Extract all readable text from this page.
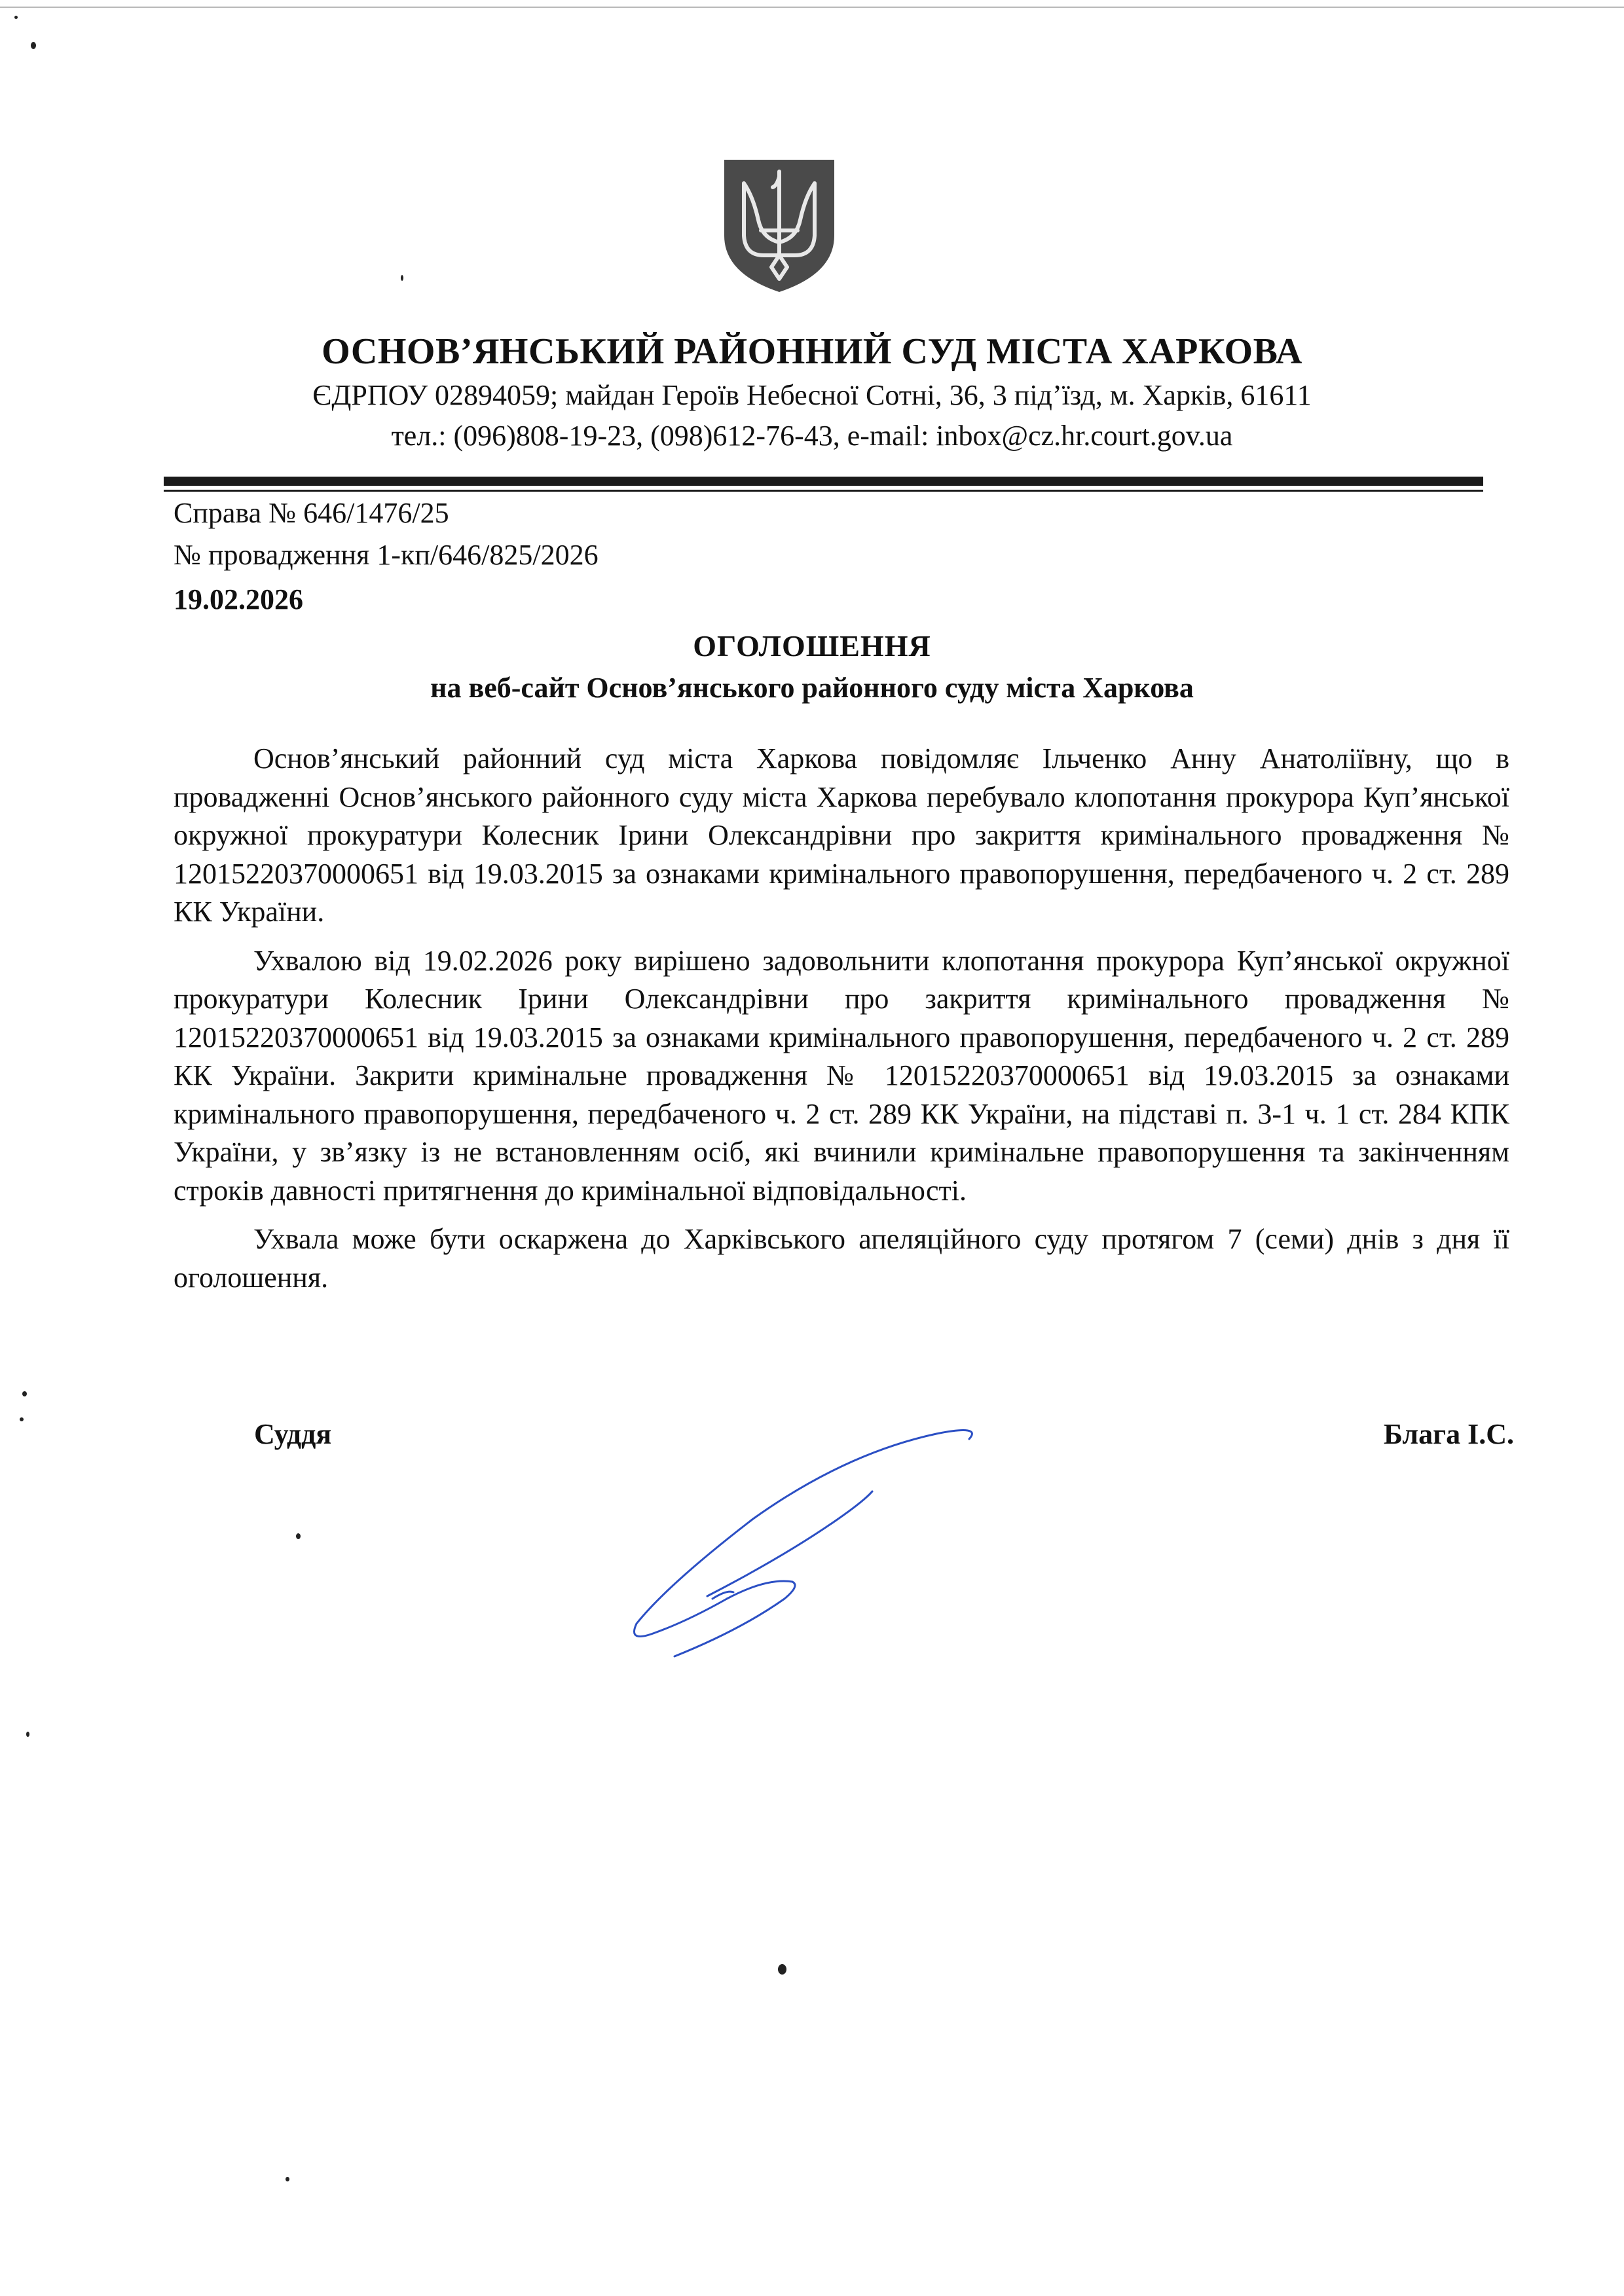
ОСНОВ’ЯНСЬКИЙ РАЙОННИЙ СУД МІСТА ХАРКОВА
ЄДРПОУ 02894059; майдан Героїв Небесної Сотні, 36, 3 під’їзд, м. Харків, 61611
тел.: (096)808-19-23, (098)612-76-43, e-mail: inbox@cz.hr.court.gov.ua
Справа № 646/1476/25
№ провадження 1-кп/646/825/2026
19.02.2026
ОГОЛОШЕННЯ
на веб-сайт Основ’янського районного суду міста Харкова

Основ’янський районний суд міста Харкова повідомляє Ільченко Анну Анатоліївну, що в провадженні Основ’янського районного суду міста Харкова перебувало клопотання прокурора Куп’янської окружної прокуратури Колесник Ірини Олександрівни про закриття кримінального провадження № 12015220370000651 від 19.03.2015 за ознаками кримінального правопорушення, передбаченого ч. 2 ст. 289 КК України.

Ухвалою від 19.02.2026 року вирішено задовольнити клопотання прокурора Куп’янської окружної прокуратури Колесник Ірини Олександрівни про закриття кримінального провадження № 12015220370000651 від 19.03.2015 за ознаками кримінального правопорушення, передбаченого ч. 2 ст. 289 КК України. Закрити кримінальне провадження № 12015220370000651 від 19.03.2015 за ознаками кримінального правопорушення, передбаченого ч. 2 ст. 289 КК України, на підставі п. 3-1 ч. 1 ст. 284 КПК України, у зв’язку із не встановленням осіб, які вчинили кримінальне правопорушення та закінченням строків давності притягнення до кримінальної відповідальності.

Ухвала може бути оскаржена до Харківського апеляційного суду протягом 7 (семи) днів з дня її оголошення.

Суддя	Блага І.С.
